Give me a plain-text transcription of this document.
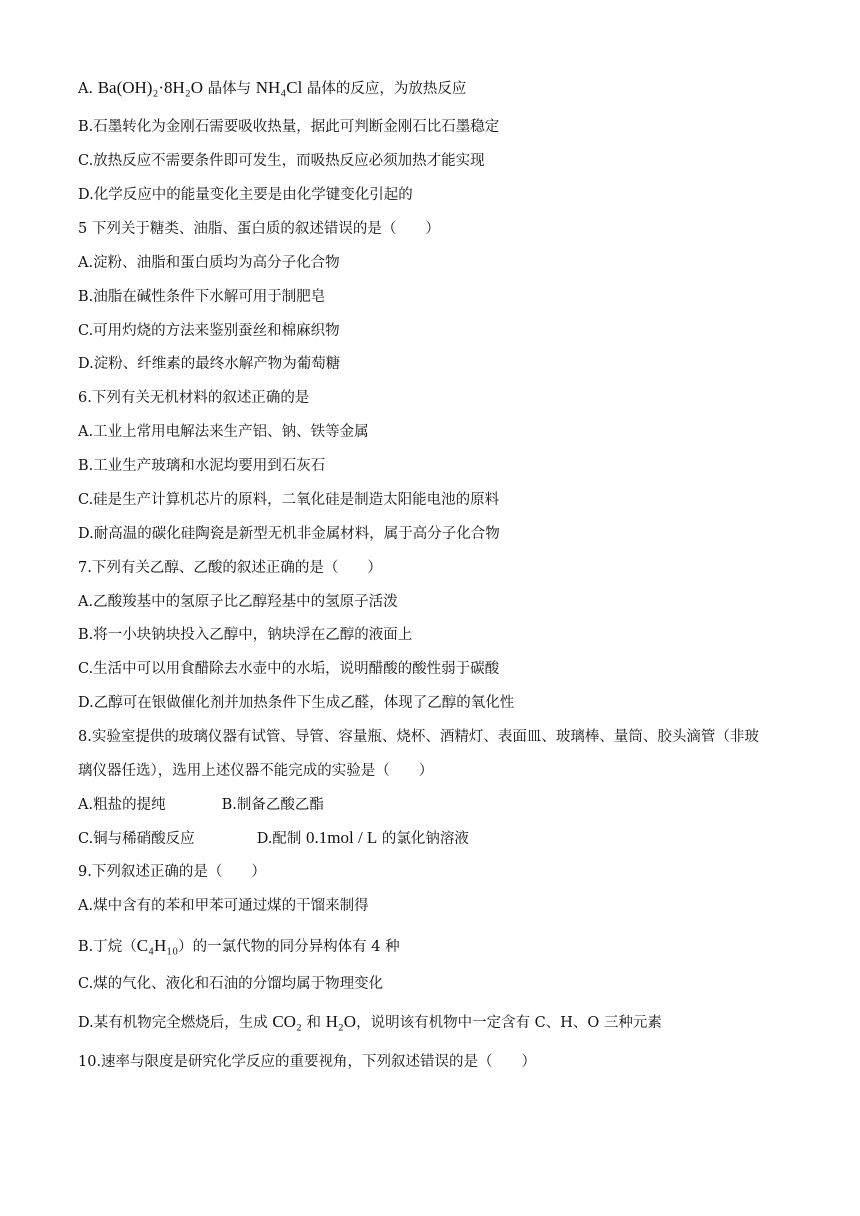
A. Ba(OH)₂·8H₂O 晶体与 NH₄Cl 晶体的反应，为放热反应
B.石墨转化为金刚石需要吸收热量，据此可判断金刚石比石墨稳定
C.放热反应不需要条件即可发生，而吸热反应必须加热才能实现
D.化学反应中的能量变化主要是由化学键变化引起的
5 下列关于糖类、油脂、蛋白质的叙述错误的是（　　）
A.淀粉、油脂和蛋白质均为高分子化合物
B.油脂在碱性条件下水解可用于制肥皂
C.可用灼烧的方法来鉴别蚕丝和棉麻织物
D.淀粉、纤维素的最终水解产物为葡萄糖
6.下列有关无机材料的叙述正确的是
A.工业上常用电解法来生产铝、钠、铁等金属
B.工业生产玻璃和水泥均要用到石灰石
C.硅是生产计算机芯片的原料，二氧化硅是制造太阳能电池的原料
D.耐高温的碳化硅陶瓷是新型无机非金属材料，属于高分子化合物
7.下列有关乙醇、乙酸的叙述正确的是（　　）
A.乙酸羧基中的氢原子比乙醇羟基中的氢原子活泼
B.将一小块钠块投入乙醇中，钠块浮在乙醇的液面上
C.生活中可以用食醋除去水壶中的水垢，说明醋酸的酸性弱于碳酸
D.乙醇可在银做催化剂并加热条件下生成乙醛，体现了乙醇的氧化性
8.实验室提供的玻璃仪器有试管、导管、容量瓶、烧杯、酒精灯、表面皿、玻璃棒、量筒、胶头滴管（非玻
璃仪器任选），选用上述仪器不能完成的实验是（　　）
A.粗盐的提纯	B.制备乙酸乙酯
C.铜与稀硝酸反应	D.配制 0.1mol / L 的氯化钠溶液
9.下列叙述正确的是（　　）
A.煤中含有的苯和甲苯可通过煤的干馏来制得
B.丁烷（C₄H₁₀）的一氯代物的同分异构体有 4 种
C.煤的气化、液化和石油的分馏均属于物理变化
D.某有机物完全燃烧后，生成 CO₂ 和 H₂O，说明该有机物中一定含有 C、H、O 三种元素
10.速率与限度是研究化学反应的重要视角，下列叙述错误的是（　　）
